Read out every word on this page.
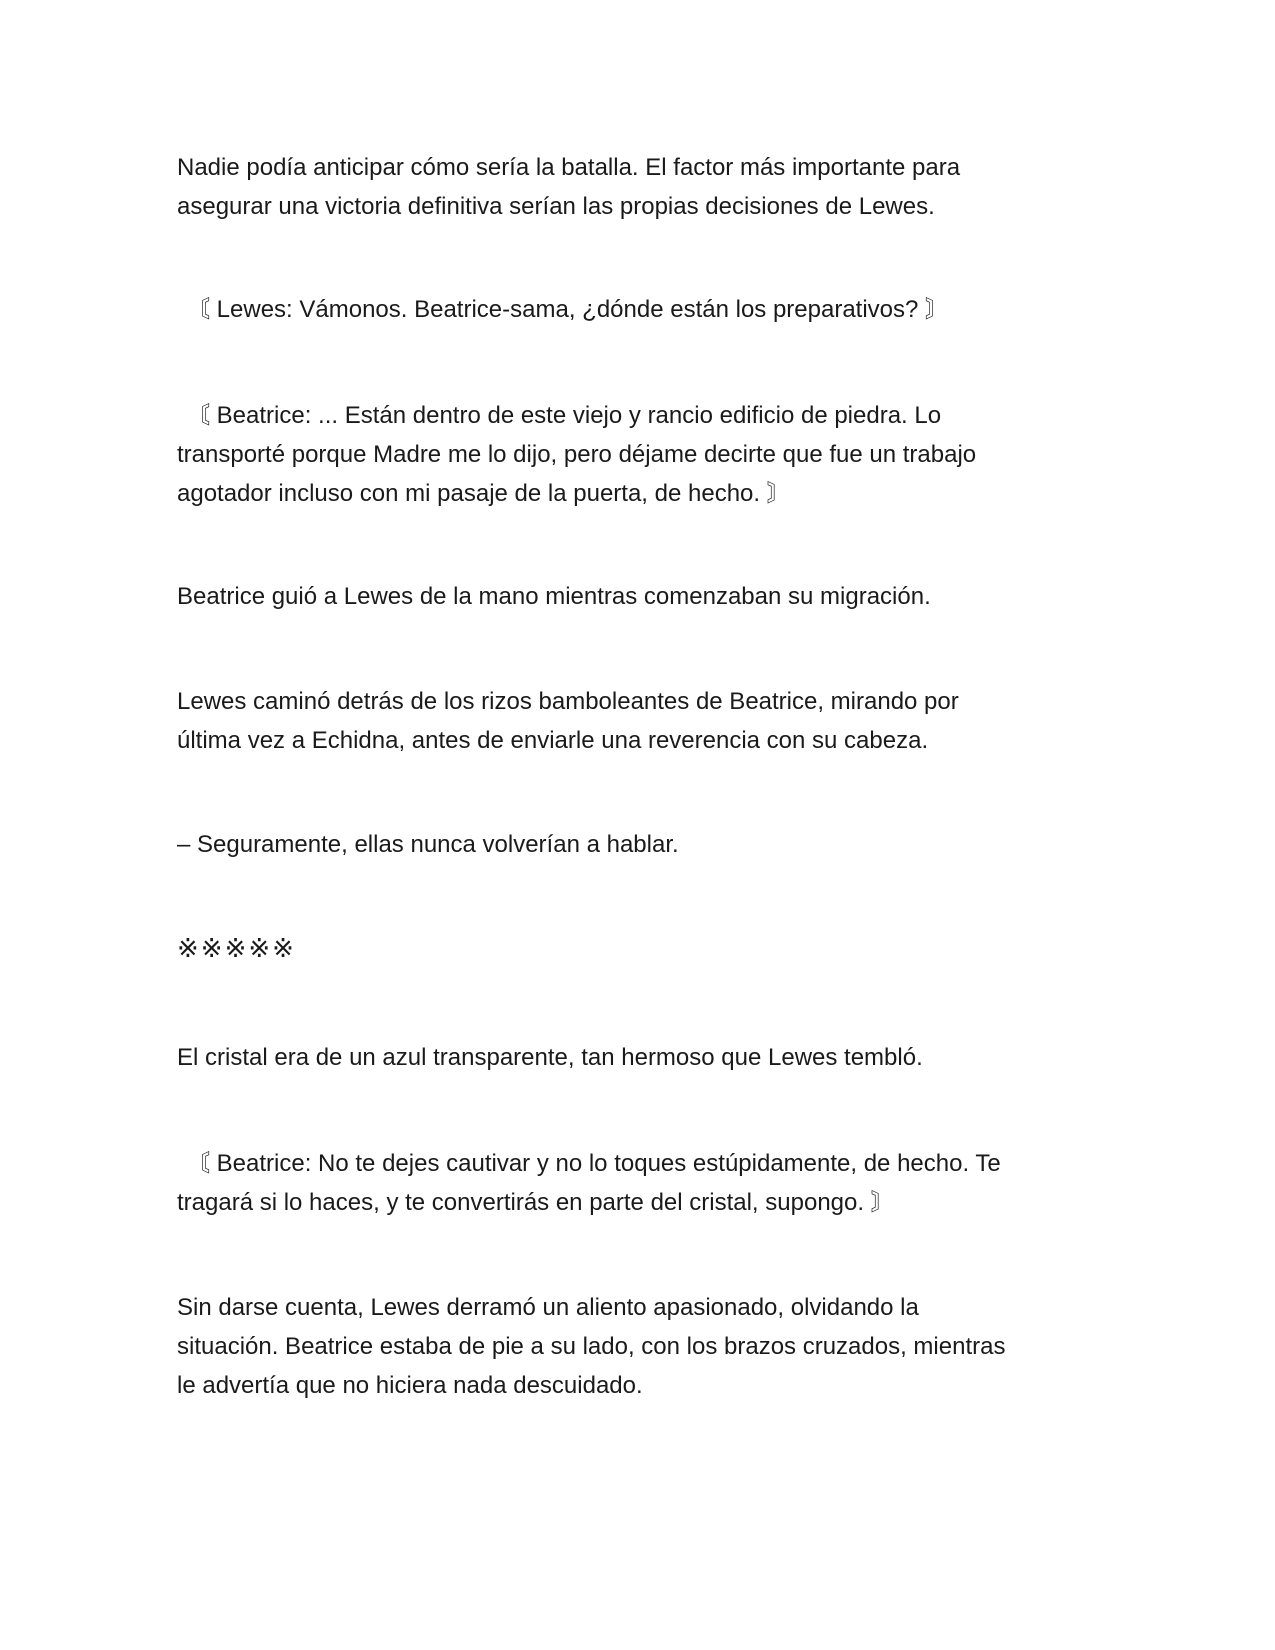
Nadie podía anticipar cómo sería la batalla. El factor más importante para
asegurar una victoria definitiva serían las propias decisiones de Lewes.

〘 Lewes: Vámonos. Beatrice-sama, ¿dónde están los preparativos? 〙

〘 Beatrice: ... Están dentro de este viejo y rancio edificio de piedra. Lo
transporté porque Madre me lo dijo, pero déjame decirte que fue un trabajo
agotador incluso con mi pasaje de la puerta, de hecho. 〙

Beatrice guió a Lewes de la mano mientras comenzaban su migración.

Lewes caminó detrás de los rizos bamboleantes de Beatrice, mirando por
última vez a Echidna, antes de enviarle una reverencia con su cabeza.

– Seguramente, ellas nunca volverían a hablar.

※※※※※

El cristal era de un azul transparente, tan hermoso que Lewes tembló.

〘 Beatrice: No te dejes cautivar y no lo toques estúpidamente, de hecho. Te
tragará si lo haces, y te convertirás en parte del cristal, supongo. 〙

Sin darse cuenta, Lewes derramó un aliento apasionado, olvidando la
situación. Beatrice estaba de pie a su lado, con los brazos cruzados, mientras
le advertía que no hiciera nada descuidado.
